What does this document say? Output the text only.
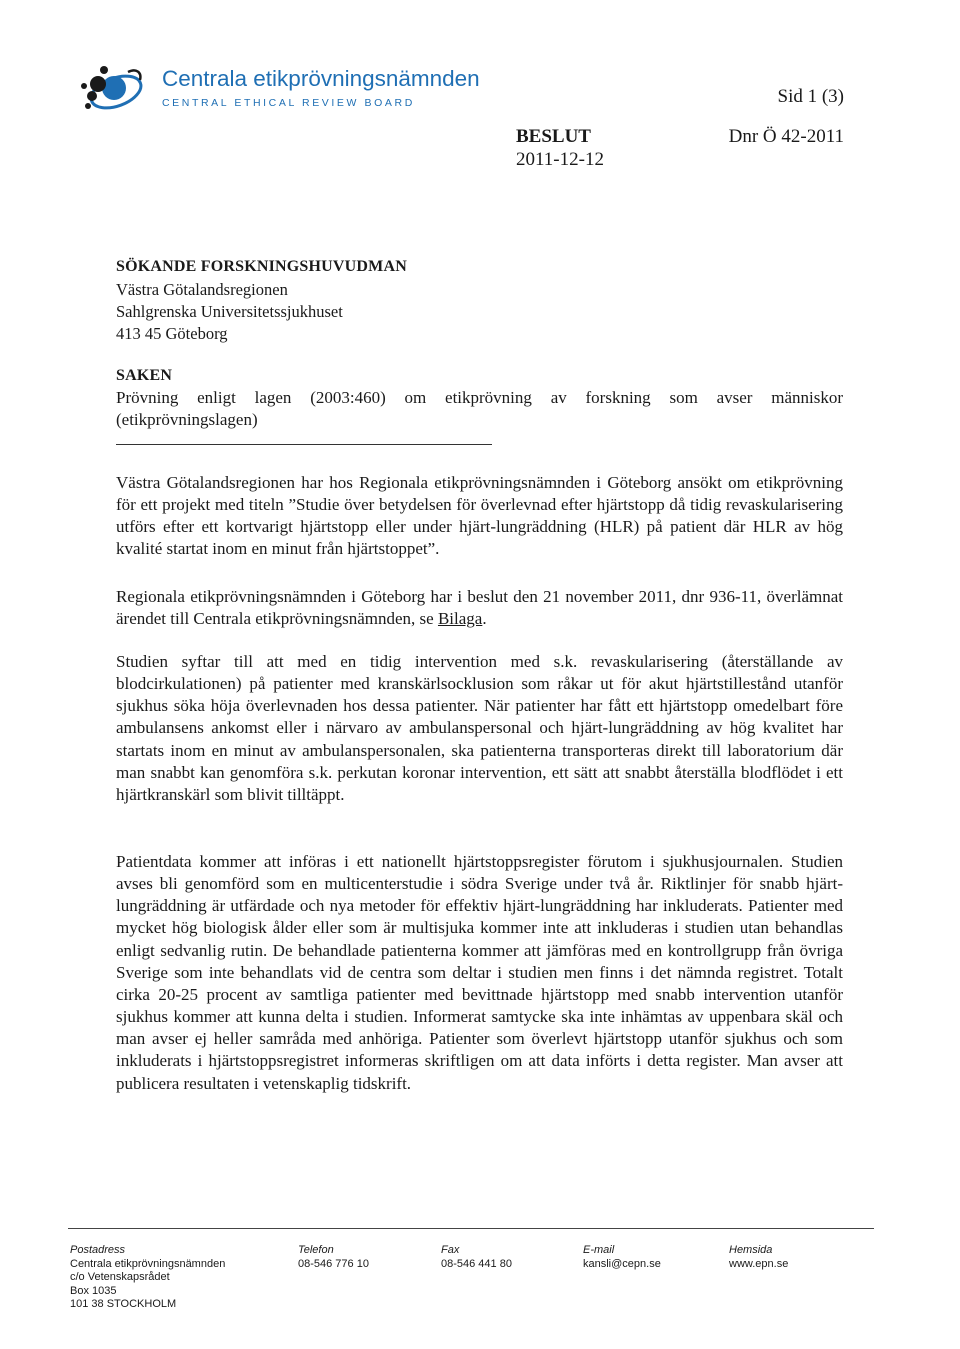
Centrala etikprövningsnämnden
CENTRAL ETHICAL REVIEW BOARD	Sid 1 (3)
BESLUT
2011-12-12
Dnr Ö 42-2011
SÖKANDE FORSKNINGSHUVUDMAN
Västra Götalandsregionen
Sahlgrenska Universitetssjukhuset
413 45 Göteborg
SAKEN

Prövning enligt lagen (2003:460) om etikprövning av forskning som avser människor (etikprövningslagen)

Västra Götalandsregionen har hos Regionala etikprövningsnämnden i Göteborg ansökt om etikprövning för ett projekt med titeln ”Studie över betydelsen för överlevnad efter hjärtstopp då tidig revaskularisering utförs efter ett kortvarigt hjärtstopp eller under hjärt-lungräddning (HLR) på patient där HLR av hög kvalité startat inom en minut från hjärtstoppet”.

Regionala etikprövningsnämnden i Göteborg har i beslut den 21 november 2011, dnr 936-11, överlämnat ärendet till Centrala etikprövningsnämnden, se Bilaga.

Studien syftar till att med en tidig intervention med s.k. revaskularisering (återställande av blodcirkulationen) på patienter med kranskärlsocklusion som råkar ut för akut hjärtstillestånd utanför sjukhus söka höja överlevnaden hos dessa patienter. När patienter har fått ett hjärtstopp omedelbart före ambulansens ankomst eller i närvaro av ambulanspersonal och hjärt-lungräddning av hög kvalitet har startats inom en minut av ambulanspersonalen, ska patienterna transporteras direkt till laboratorium där man snabbt kan genomföra s.k. perkutan koronar intervention, ett sätt att snabbt återställa blodflödet i ett hjärtkranskärl som blivit tilltäppt.

Patientdata kommer att införas i ett nationellt hjärtstoppsregister förutom i sjukhusjournalen. Studien avses bli genomförd som en multicenterstudie i södra Sverige under två år. Riktlinjer för snabb hjärt-lungräddning är utfärdade och nya metoder för effektiv hjärt-lungräddning har inkluderats. Patienter med mycket hög biologisk ålder eller som är multisjuka kommer inte att inkluderas i studien utan behandlas enligt sedvanlig rutin. De behandlade patienterna kommer att jämföras med en kontrollgrupp från övriga Sverige som inte behandlats vid de centra som deltar i studien men finns i det nämnda registret. Totalt cirka 20-25 procent av samtliga patienter med bevittnade hjärtstopp med snabb intervention utanför sjukhus kommer att kunna delta i studien. Informerat samtycke ska inte inhämtas av uppenbara skäl och man avser ej heller samråda med anhöriga. Patienter som överlevt hjärtstopp utanför sjukhus och som inkluderats i hjärtstoppsregistret informeras skriftligen om att data införts i detta register. Man avser att publicera resultaten i vetenskaplig tidskrift.

Postadress
Centrala etikprövningsnämnden
c/o Vetenskapsrådet
Box 1035
101 38 STOCKHOLM
Telefon
08-546 776 10
Fax
08-546 441 80
E-mail
kansli@cepn.se
Hemsida
www.epn.se
